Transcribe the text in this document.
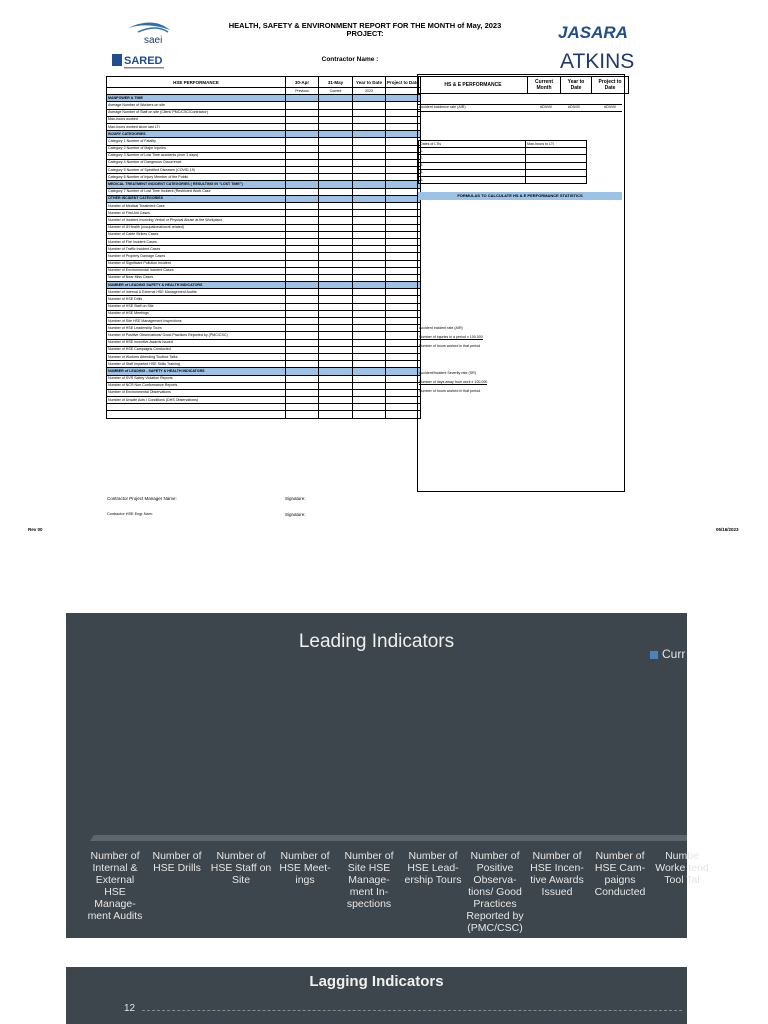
HEALTH, SAFETY & ENVIRONMENT REPORT FOR THE MONTH of May, 2023
PROJECT:
Contractor Name :
saei
SARED
JASARA
ATKINS
HSE PERFORMANCE	30-Apr	31-May	Year to Date	Project to Date
	Previous	Current	2023	
MANPOWER & TIME				
Average Number of Workers on site				
Average Number of Staff on site (Client/ PMC/CSC/Contractor)				
Man-hours worked				
Man-hours worked since last LTI				
INJURY CATEGORIES				
Category 1 Number of Fatality				
Category 2 Number of Major Injuries				
Category 3 Number of Lost Time accidents (over 3 days)				
Category 4 Number of Dangerous Occurrence				
Category 5 Number of Specified Diseases (COVID-19)				
Category 6 Number of Injury Member of the Public				
MEDICAL TREATMENT INCIDENT CATEGORIES ( RESULTING IN "LOST TIME")				
Category 7 Number of Lost Time Incident (Restricted Work Case				
OTHER INCIDENT CATEGORIES				
Number of Medical Treatment Case				
Number of First Aid Cases				
Number of Incident Involving Verbal or Physical Abuse at the Workplace				
Number of Ill Health (occupational/work related)				
Number of Cable Strikes Cases				
Number of Fire Incident Cases				
Number of Traffic Incident Cases				
Number of Property Damage Cases				
Number of Significant Pollution Incident				
Number of Environmental Incident Cases				
Number of Near Miss Cases				
NUMBER of LEADING SAFETY & HEALTH INDICATORS				
Number of Internal & External HSE Management Audits				
Number of HSE Drills				
Number of HSE Staff on Site				
Number of HSE Meetings				
Number of Site HSE Management Inspections				
Number of HSE Leadership Tours				
Number of Positive Observations/ Good Practices Reported by (PMC/CSC)				
Number of HSE Incentive Awards Issued				
Number of HSE Campaigns Conducted				
Number of Workers Attending Toolbox Talks				
Number of Staff Imparted HSE Skills Training				
NUMBER of LEADING - SAFETY & HEALTH INDICATORS				
Number of SVR Safety Violation Reports				
Number of NCR Non Conformance Reports				
Number of Environmental Observations				
Number of Unsafe Acts / Conditions (DHS Observations)				

HS & E PERFORMANCE	Current Month	Year to Date	Project to Date
Accident incidence rate (AIR)	#DIV/0!	#DIV/0!	#DIV/0!
Dates of LTIs	Man-hours to LTI
1-	
2-	
3-	
4-	
5-	
FORMULAS TO CALCULATE HS & E PERFORMANCE STATISTICS
Accident incident rate (AIR)
Number of injuries in a period x 100,000
Number of hours worked in that period
Accident/Incident Severity rate (SR)
Number of days away from work x 100,000
Number of hours worked in that period
Contractor Project Manager Name:	Signature:
Contractor HSE Engr Nam:	Signature:
Rev 00	05/16/2023
Leading Indicators
Curr
Number of Internal & External HSE Manage-ment Audits
Number of HSE Drills
Number of HSE Staff on Site
Number of HSE Meet-ings
Number of Site HSE Manage-ment In-spections
Number of HSE Lead-ership Tours
Number of Positive Observa-tions/ Good Practices Reported by (PMC/CSC)
Number of HSE Incen-tive Awards Issued
Number of HSE Cam-paigns Conducted
Numbe Worke tend Tool Tal
Lagging Indicators
12
